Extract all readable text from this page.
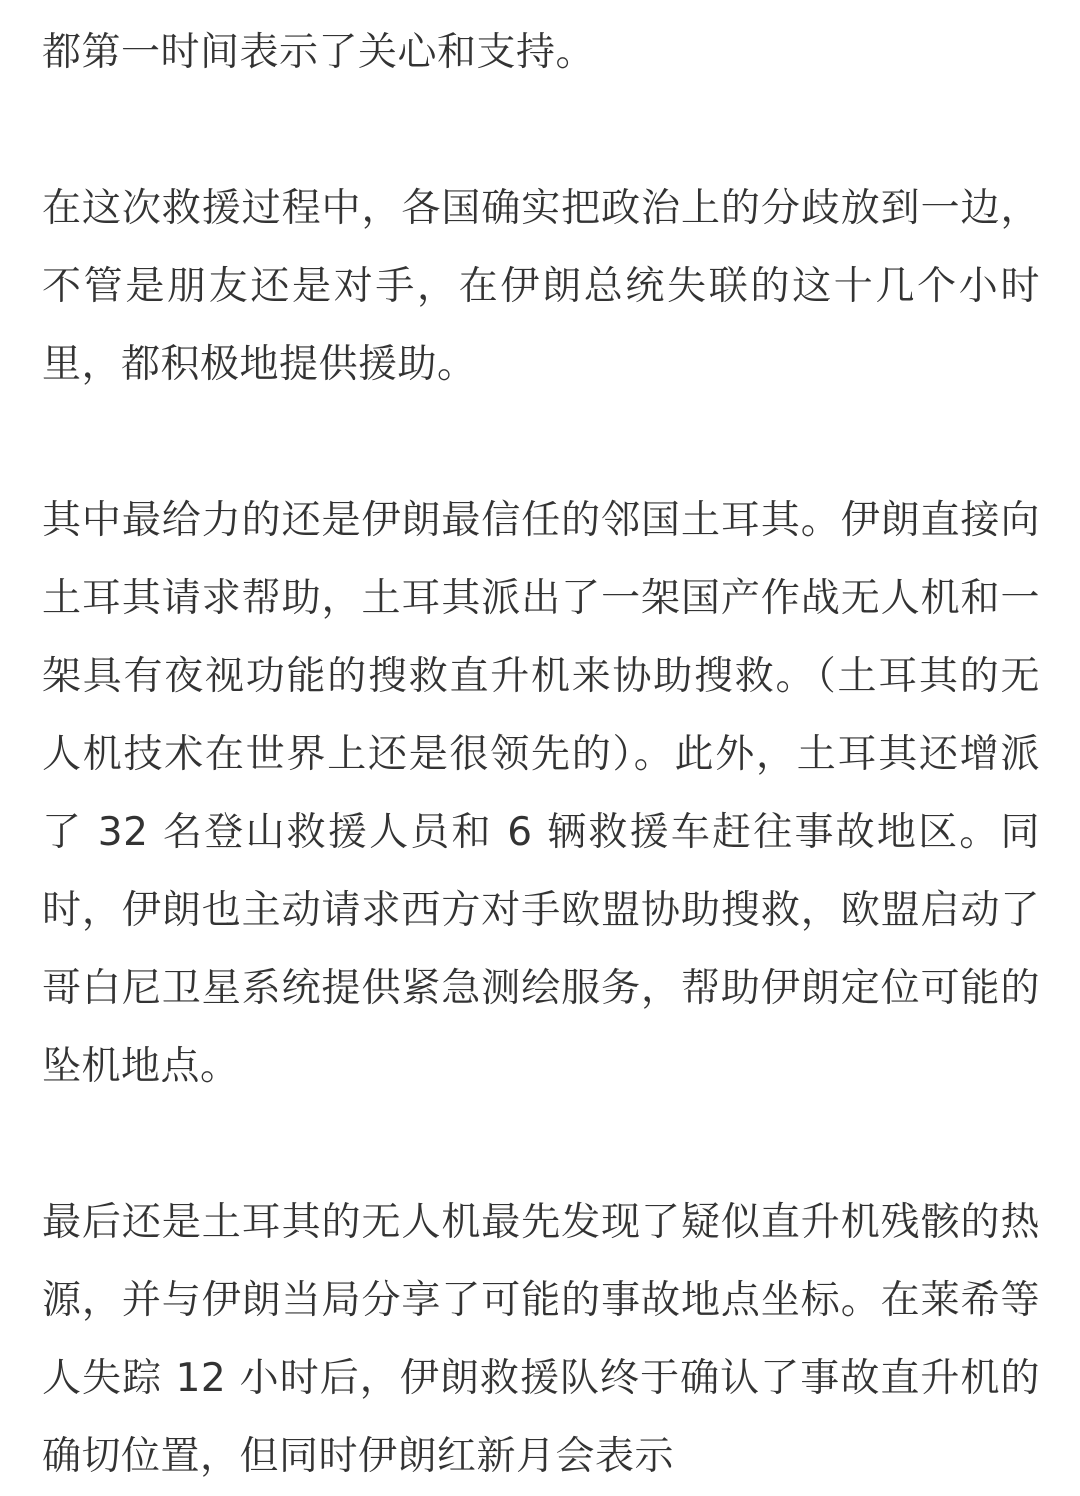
都第一时间表示了关心和支持。

在这次救援过程中，各国确实把政治上的分歧放到一边，不管是朋友还是对手，在伊朗总统失联的这十几个小时里，都积极地提供援助。

其中最给力的还是伊朗最信任的邻国土耳其。伊朗直接向土耳其请求帮助，土耳其派出了一架国产作战无人机和一架具有夜视功能的搜救直升机来协助搜救。（土耳其的无人机技术在世界上还是很领先的）。此外，土耳其还增派了 32 名登山救援人员和 6 辆救援车赶往事故地区。同时，伊朗也主动请求西方对手欧盟协助搜救，欧盟启动了哥白尼卫星系统提供紧急测绘服务，帮助伊朗定位可能的坠机地点。

最后还是土耳其的无人机最先发现了疑似直升机残骸的热源，并与伊朗当局分享了可能的事故地点坐标。在莱希等人失踪 12 小时后，伊朗救援队终于确认了事故直升机的确切位置，但同时伊朗红新月会表示
